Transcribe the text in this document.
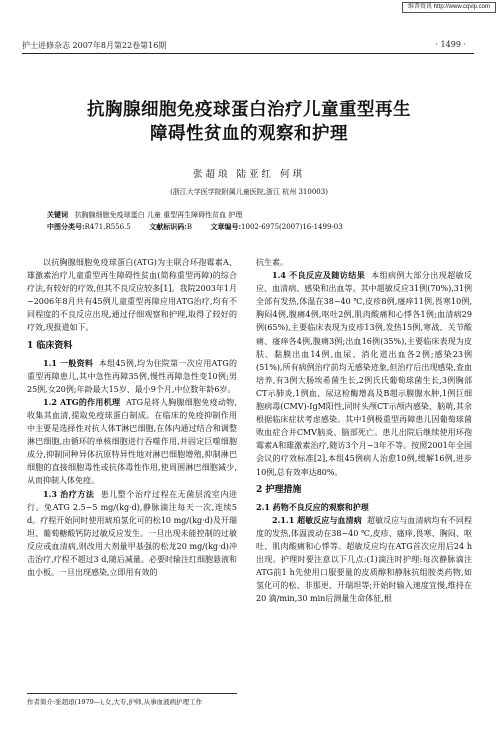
维普资讯 http://www.cqvip.com
护士进修杂志 2007年8月第22卷第16期	· 1499 ·
抗胸腺细胞免疫球蛋白治疗儿童重型再生
障碍性贫血的观察和护理
张超琅 陆亚红 何琪
(浙江大学医学院附属儿童医院,浙江 杭州 310003)
关键词 抗胸腺细胞免疫球蛋白 儿童 重型再生障碍性贫血 护理
中图分类号:R471,R556.5	文献标识码:B	文章编号:1002-6975(2007)16-1499-03

以抗胸腺细胞免疫球蛋白(ATG)为主联合环孢霉素A、雄激素治疗儿童重型再生障碍性贫血(简称重型再障)的综合疗法,有较好的疗效,但其不良反应较多[1]。我院2003年1月~2006年8月共有45例儿童重型再障应用ATG治疗,均有不同程度的不良反应出现,通过仔细观察和护理,取得了较好的疗效,现报道如下。

1 临床资料

1.1 一般资料 本组45例,均为住院第一次应用ATG的重型再障患儿,其中急性再障35例,慢性再障急性变10例;男25例,女20例;年龄最大15岁、最小9个月,中位数年龄6岁。

1.2 ATG的作用机理 ATG是将人胸腺细胞免疫动物,收集其血清,提取免疫球蛋白制成。在临床的免疫抑制作用中主要是选择性对抗人体T淋巴细胞,在体内通过结合和调整淋巴细胞,由循环的单核细胞进行吞噬作用,并固定巨噬细胞成分,抑制同种异体抗原特异性地对淋巴细胞增殖,抑制淋巴细胞的直接细胞毒性或抗体毒性作用,使周围淋巴细胞减少,从而抑制人体免疫。

1.3 治疗方法 患儿整个治疗过程在无菌层流室内进行。兔ATG 2.5~5 mg/(kg·d),静脉滴注每天一次,连续5 d。疗程开始同时使用琥珀氢化可的松10 mg/(kg·d)及开瑞坦、葡萄糖酸钙防过敏反应发生。一旦出现未能控制的过敏反应或血清病,则改用大剂量甲基强的松龙20 mg/(kg·d)冲击治疗,疗程不超过3 d,随后减量。必要时输注红细胞悬液和血小板。一旦出现感染,立即用有效的

抗生素。

1.4 不良反应及随访结果 本组病例大部分出现超敏反应、血清病、感染和出血等。其中超敏反应31例(70%),31例全部有发热,体温在38~40 ℃,皮疹8例,瘙痒11例,畏寒10例,胸闷4例,腹痛4例,呕吐2例,肌肉酸痛和心悸各1例;血清病29例(65%),主要临床表现为皮疹13例,发热15例,寒战、关节酸痛、瘙痒各4例,腹痛3例;出血16例(35%),主要临床表现为皮肤、黏膜出血14例,血尿、消化道出血各2例;感染23例(51%),所有病例治疗前均无感染迹象,但治疗后出现感染,查血培养,有3例大肠埃希菌生长,2例氏氏葡萄球菌生长,3例胸部CT示肺炎,1例血、尿这检酶增高及B超示膜腺水肿,1例巨细胞病毒(CMV)-IgM阳性,同时头颅CT示颅内感染、脑萌,其余根据临床症状考虑感染。其中1例极重型再障患儿因葡萄球菌败血症合并CMV脑炎、脑部死亡。患儿出院后继续使用环孢霉素A和雄激素治疗,随访3个月~3年不等。按照2001年全国会议的疗效标准[2],本组45例病人治愈10例,缓解16例,进步10例,总有效率达80%。

2 护理措施

2.1 药物不良反应的观察和护理

2.1.1 超敏反应与血清病 超敏反应与血清病均有不同程度的发热,体温波动在38~40 ℃,皮疹、瘙痒,畏寒、胸闷、呕吐、肌肉酸痛和心悸等。超敏反应均在ATG首次应用后24 h出现。护理时要注意以下几点:(1)滴注时护理:每次静脉滴注ATG前1 h先使用口服要量的皮质醇和静脉抗组胺类药物,如氢化可的松、非那更、开瑞坦等;开始时输入速度宜慢,维持在20 滴/min,30 min后测量生命体征,根

作者简介:张超琅(1979—),女,大专,护师,从事血液病护理工作
